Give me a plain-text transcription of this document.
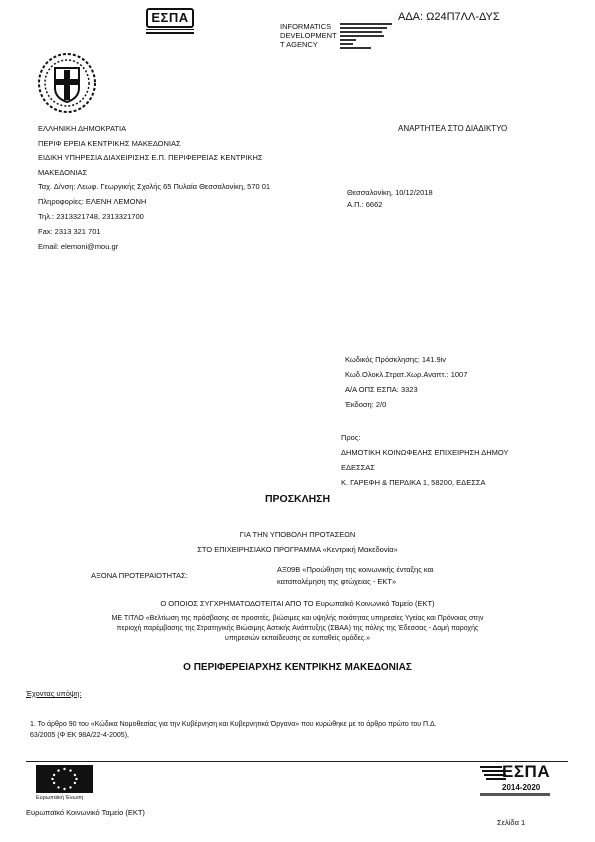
ΕΣΠΑ
INFORMATICS
DEVELOPMENT
T AGENCY
ΑΔΑ: Ω24Π7ΛΛ-ΔΥΣ
ΕΛΛΗΝΙΚΗ ΔΗΜΟΚΡΑΤΙΑ
ΠΕΡΙΦ ΕΡΕΙΑ ΚΕΝΤΡΙΚΗΣ ΜΑΚΕΔΟΝΙΑΣ
ΕΙΔΙΚΗ ΥΠΗΡΕΣΙΑ ΔΙΑΧΕΙΡΙΣΗΣ Ε.Π. ΠΕΡΙΦΕΡΕΙΑΣ ΚΕΝΤΡΙΚΗΣ
ΜΑΚΕΔΟΝΙΑΣ
Ταχ. Δ/νση: Λεωφ. Γεωργικής Σχολής 65 Πυλαία Θεσσαλονίκη, 570 01
Πληροφορίες: ΕΛΕΝΗ ΛΕΜΟΝΗ
Τηλ.: 2313321748, 2313321700
Fax: 2313 321 701
Email: elemoni@mou.gr
ΑΝΑΡΤΗΤΕΑ ΣΤΟ ΔΙΑΔΙΚΤΥΟ
Θεσσαλονίκη, 10/12/2018
Α.Π.: 6662
Κωδικός Πρόσκλησης: 141.9iv
Κωδ.Ολοκλ.Στρατ.Χωρ.Αναπτ.: 1007
Α/Α ΟΠΣ ΕΣΠΑ: 3323
Έκδοση: 2/0
Προς:
ΔΗΜΟΤΙΚΗ ΚΟΙΝΩΦΕΛΗΣ ΕΠΙΧΕΙΡΗΣΗ ΔΗΜΟΥ
ΕΔΕΣΣΑΣ
Κ. ΓΑΡΕΦΗ & ΠΕΡΔΙΚΑ 1, 58200, ΕΔΕΣΣΑ
ΠΡΟΣΚΛΗΣΗ
ΓΙΑ ΤΗΝ ΥΠΟΒΟΛΗ ΠΡΟΤΑΣΕΩΝ
ΣΤΟ ΕΠΙΧΕΙΡΗΣΙΑΚΟ ΠΡΟΓΡΑΜΜΑ «Κεντρική Μακεδονία»
ΑΞΟΝΑ ΠΡΟΤΕΡΑΙΟΤΗΤΑΣ:
ΑΞ09Β «Προώθηση της κοινωνικής ένταξης και
καταπολέμηση της φτώχειας - ΕΚΤ»
Ο ΟΠΟΙΟΣ ΣΥΓΧΡΗΜΑΤΟΔΟΤΕΙΤΑΙ ΑΠΟ ΤΟ Ευρωπαϊκό Κοινωνικό Ταμείο (ΕΚΤ)
ΜΕ ΤΙΤΛΟ «Βελτίωση της πρόσβασης σε προσιτές, βιώσιμες και υψηλής ποιότητας υπηρεσίες Υγείας και Πρόνοιας στην
περιοχή παρέμβασης της Στρατηγικής Βιώσιμης Αστικής Ανάπτυξης (ΣΒΑΑ) της πόλης της Έδεσσας - Δομή παροχής
υπηρεσιών εκπαίδευσης σε ευπαθείς ομάδες.»
Ο ΠΕΡΙΦΕΡΕΙΑΡΧΗΣ ΚΕΝΤΡΙΚΗΣ ΜΑΚΕΔΟΝΙΑΣ
Έχοντας υπόψη:
1. Το άρθρο 90 του «Κώδικα Νομοθεσίας για την Κυβέρνηση και Κυβερνητικά Όργανα» που κυρώθηκε με το άρθρο πρώτο του Π.Δ.
63/2005 (Φ ΕΚ 98Α/22-4-2005),
Ευρωπαϊκή Ένωση
Ευρωπαϊκό Κοινωνικό Ταμείο (ΕΚΤ)
ΕΣΠΑ
2014-2020
Σελίδα 1
